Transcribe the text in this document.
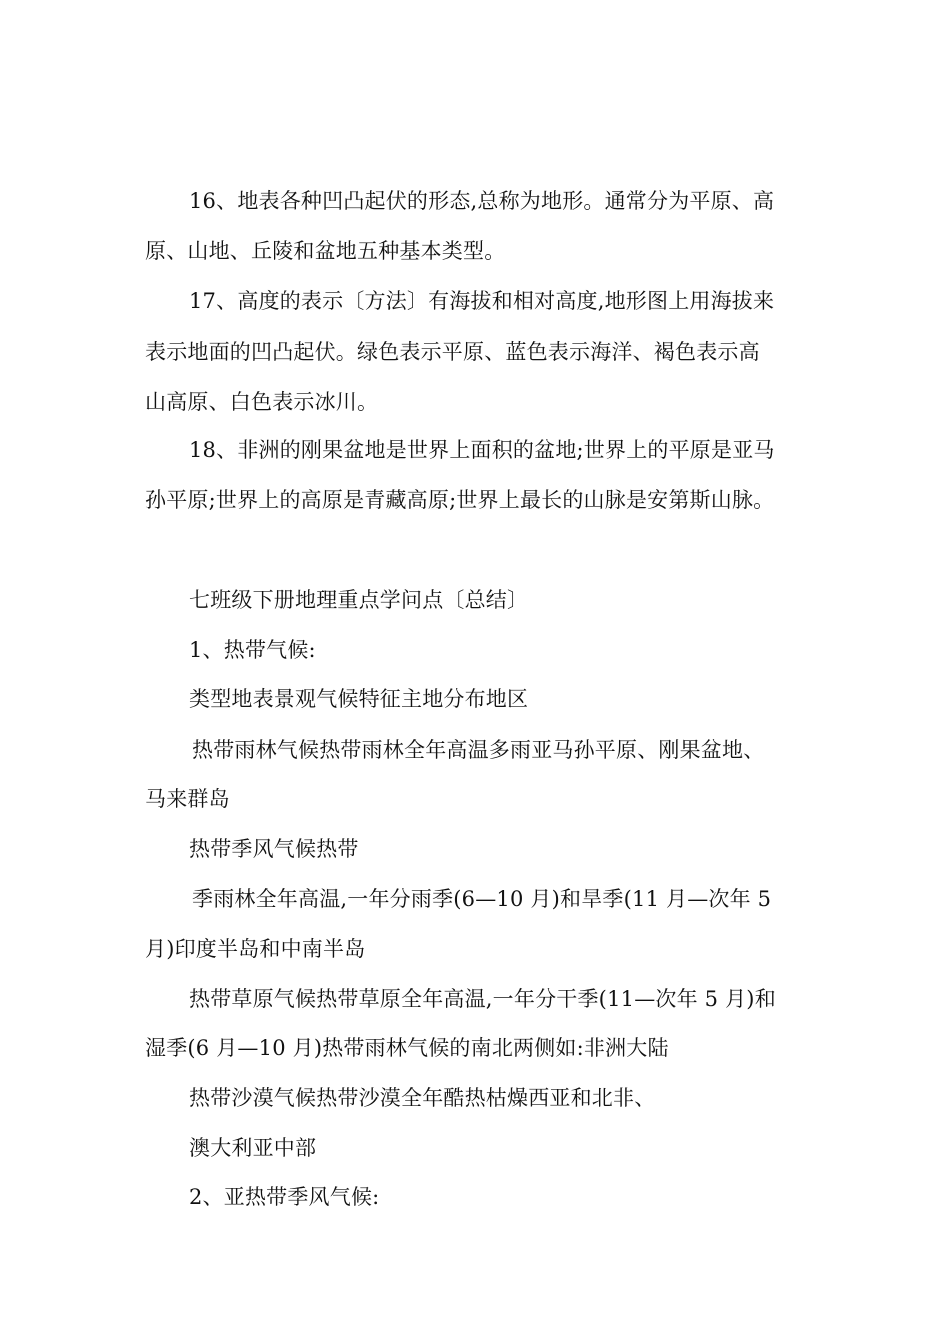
16、地表各种凹凸起伏的形态,总称为地形。通常分为平原、高
原、山地、丘陵和盆地五种基本类型。
17、高度的表示〔方法〕有海拔和相对高度,地形图上用海拔来
表示地面的凹凸起伏。绿色表示平原、蓝色表示海洋、褐色表示高
山高原、白色表示冰川。
18、非洲的刚果盆地是世界上面积的盆地;世界上的平原是亚马
孙平原;世界上的高原是青藏高原;世界上最长的山脉是安第斯山脉。
七班级下册地理重点学问点〔总结〕
1、热带气候:
类型地表景观气候特征主地分布地区
热带雨林气候热带雨林全年高温多雨亚马孙平原、刚果盆地、
马来群岛
热带季风气候热带
季雨林全年高温,一年分雨季(6—10 月)和旱季(11 月—次年 5
月)印度半岛和中南半岛
热带草原气候热带草原全年高温,一年分干季(11—次年 5 月)和
湿季(6 月—10 月)热带雨林气候的南北两侧如:非洲大陆
热带沙漠气候热带沙漠全年酷热枯燥西亚和北非、
澳大利亚中部
2、亚热带季风气候:
